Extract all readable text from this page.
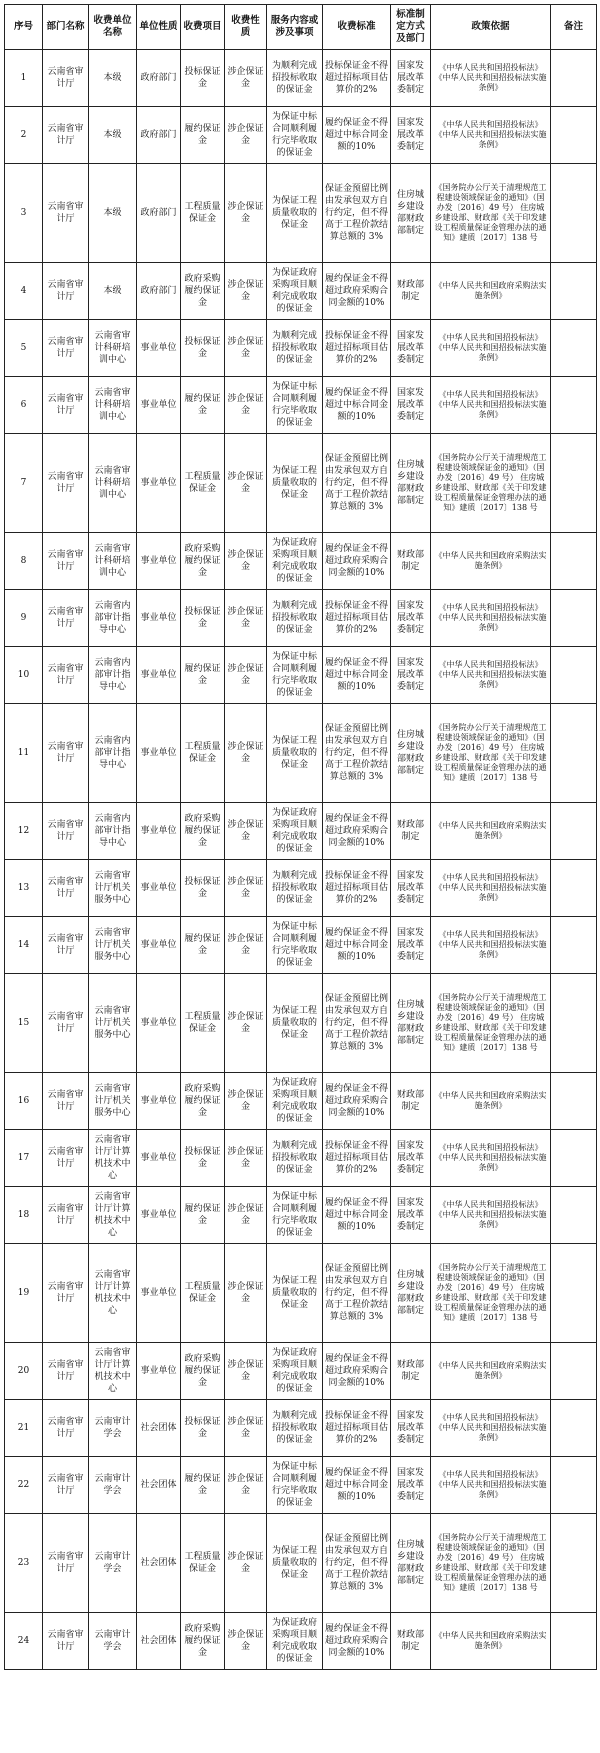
序号	部门名称	收费单位名称	单位性质	收费项目	收费性质	服务内容或涉及事项	收费标准	标准制定方式及部门	政策依据	备注
1	云南省审计厅	本级	政府部门	投标保证金	涉企保证金	为顺利完成招投标收取的保证金	投标保证金不得超过招标项目估算价的2%	国家发展改革委制定	《中华人民共和国招投标法》《中华人民共和国招投标法实施条例》	
2	云南省审计厅	本级	政府部门	履约保证金	涉企保证金	为保证中标合同顺利履行完毕收取的保证金	履约保证金不得超过中标合同金额的10%	国家发展改革委制定	《中华人民共和国招投标法》《中华人民共和国招投标法实施条例》	
3	云南省审计厅	本级	政府部门	工程质量保证金	涉企保证金	为保证工程质量收取的保证金	保证金预留比例由发承包双方自行约定，但不得高于工程价款结算总额的 3%	住房城乡建设部财政部制定	《国务院办公厅关于清理规范工程建设领域保证金的通知》（国办发〔2016〕49 号） 住房城乡建设部、财政部《关于印发建设工程质量保证金管理办法的通知》建质〔2017〕138 号	
4	云南省审计厅	本级	政府部门	政府采购履约保证金	涉企保证金	为保证政府采购项目顺利完成收取的保证金	履约保证金不得超过政府采购合同金额的10%	财政部制定	《中华人民共和国政府采购法实施条例》	
5	云南省审计厅	云南省审计科研培训中心	事业单位	投标保证金	涉企保证金	为顺利完成招投标收取的保证金	投标保证金不得超过招标项目估算价的2%	国家发展改革委制定	《中华人民共和国招投标法》《中华人民共和国招投标法实施条例》	
6	云南省审计厅	云南省审计科研培训中心	事业单位	履约保证金	涉企保证金	为保证中标合同顺利履行完毕收取的保证金	履约保证金不得超过中标合同金额的10%	国家发展改革委制定	《中华人民共和国招投标法》《中华人民共和国招投标法实施条例》	
7	云南省审计厅	云南省审计科研培训中心	事业单位	工程质量保证金	涉企保证金	为保证工程质量收取的保证金	保证金预留比例由发承包双方自行约定，但不得高于工程价款结算总额的 3%	住房城乡建设部财政部制定	《国务院办公厅关于清理规范工程建设领域保证金的通知》（国办发〔2016〕49 号） 住房城乡建设部、财政部《关于印发建设工程质量保证金管理办法的通知》建质〔2017〕138 号	
8	云南省审计厅	云南省审计科研培训中心	事业单位	政府采购履约保证金	涉企保证金	为保证政府采购项目顺利完成收取的保证金	履约保证金不得超过政府采购合同金额的10%	财政部制定	《中华人民共和国政府采购法实施条例》	
9	云南省审计厅	云南省内部审计指导中心	事业单位	投标保证金	涉企保证金	为顺利完成招投标收取的保证金	投标保证金不得超过招标项目估算价的2%	国家发展改革委制定	《中华人民共和国招投标法》《中华人民共和国招投标法实施条例》	
10	云南省审计厅	云南省内部审计指导中心	事业单位	履约保证金	涉企保证金	为保证中标合同顺利履行完毕收取的保证金	履约保证金不得超过中标合同金额的10%	国家发展改革委制定	《中华人民共和国招投标法》《中华人民共和国招投标法实施条例》	
11	云南省审计厅	云南省内部审计指导中心	事业单位	工程质量保证金	涉企保证金	为保证工程质量收取的保证金	保证金预留比例由发承包双方自行约定，但不得高于工程价款结算总额的 3%	住房城乡建设部财政部制定	《国务院办公厅关于清理规范工程建设领域保证金的通知》（国办发〔2016〕49 号） 住房城乡建设部、财政部《关于印发建设工程质量保证金管理办法的通知》建质〔2017〕138 号	
12	云南省审计厅	云南省内部审计指导中心	事业单位	政府采购履约保证金	涉企保证金	为保证政府采购项目顺利完成收取的保证金	履约保证金不得超过政府采购合同金额的10%	财政部制定	《中华人民共和国政府采购法实施条例》	
13	云南省审计厅	云南省审计厅机关服务中心	事业单位	投标保证金	涉企保证金	为顺利完成招投标收取的保证金	投标保证金不得超过招标项目估算价的2%	国家发展改革委制定	《中华人民共和国招投标法》《中华人民共和国招投标法实施条例》	
14	云南省审计厅	云南省审计厅机关服务中心	事业单位	履约保证金	涉企保证金	为保证中标合同顺利履行完毕收取的保证金	履约保证金不得超过中标合同金额的10%	国家发展改革委制定	《中华人民共和国招投标法》《中华人民共和国招投标法实施条例》	
15	云南省审计厅	云南省审计厅机关服务中心	事业单位	工程质量保证金	涉企保证金	为保证工程质量收取的保证金	保证金预留比例由发承包双方自行约定，但不得高于工程价款结算总额的 3%	住房城乡建设部财政部制定	《国务院办公厅关于清理规范工程建设领域保证金的通知》（国办发〔2016〕49 号） 住房城乡建设部、财政部《关于印发建设工程质量保证金管理办法的通知》建质〔2017〕138 号	
16	云南省审计厅	云南省审计厅机关服务中心	事业单位	政府采购履约保证金	涉企保证金	为保证政府采购项目顺利完成收取的保证金	履约保证金不得超过政府采购合同金额的10%	财政部制定	《中华人民共和国政府采购法实施条例》	
17	云南省审计厅	云南省审计厅计算机技术中心	事业单位	投标保证金	涉企保证金	为顺利完成招投标收取的保证金	投标保证金不得超过招标项目估算价的2%	国家发展改革委制定	《中华人民共和国招投标法》《中华人民共和国招投标法实施条例》	
18	云南省审计厅	云南省审计厅计算机技术中心	事业单位	履约保证金	涉企保证金	为保证中标合同顺利履行完毕收取的保证金	履约保证金不得超过中标合同金额的10%	国家发展改革委制定	《中华人民共和国招投标法》《中华人民共和国招投标法实施条例》	
19	云南省审计厅	云南省审计厅计算机技术中心	事业单位	工程质量保证金	涉企保证金	为保证工程质量收取的保证金	保证金预留比例由发承包双方自行约定，但不得高于工程价款结算总额的 3%	住房城乡建设部财政部制定	《国务院办公厅关于清理规范工程建设领域保证金的通知》（国办发〔2016〕49 号） 住房城乡建设部、财政部《关于印发建设工程质量保证金管理办法的通知》建质〔2017〕138 号	
20	云南省审计厅	云南省审计厅计算机技术中心	事业单位	政府采购履约保证金	涉企保证金	为保证政府采购项目顺利完成收取的保证金	履约保证金不得超过政府采购合同金额的10%	财政部制定	《中华人民共和国政府采购法实施条例》	
21	云南省审计厅	云南审计学会	社会团体	投标保证金	涉企保证金	为顺利完成招投标收取的保证金	投标保证金不得超过招标项目估算价的2%	国家发展改革委制定	《中华人民共和国招投标法》《中华人民共和国招投标法实施条例》	
22	云南省审计厅	云南审计学会	社会团体	履约保证金	涉企保证金	为保证中标合同顺利履行完毕收取的保证金	履约保证金不得超过中标合同金额的10%	国家发展改革委制定	《中华人民共和国招投标法》《中华人民共和国招投标法实施条例》	
23	云南省审计厅	云南审计学会	社会团体	工程质量保证金	涉企保证金	为保证工程质量收取的保证金	保证金预留比例由发承包双方自行约定，但不得高于工程价款结算总额的 3%	住房城乡建设部财政部制定	《国务院办公厅关于清理规范工程建设领域保证金的通知》（国办发〔2016〕49 号） 住房城乡建设部、财政部《关于印发建设工程质量保证金管理办法的通知》建质〔2017〕138 号	
24	云南省审计厅	云南审计学会	社会团体	政府采购履约保证金	涉企保证金	为保证政府采购项目顺利完成收取的保证金	履约保证金不得超过政府采购合同金额的10%	财政部制定	《中华人民共和国政府采购法实施条例》	
